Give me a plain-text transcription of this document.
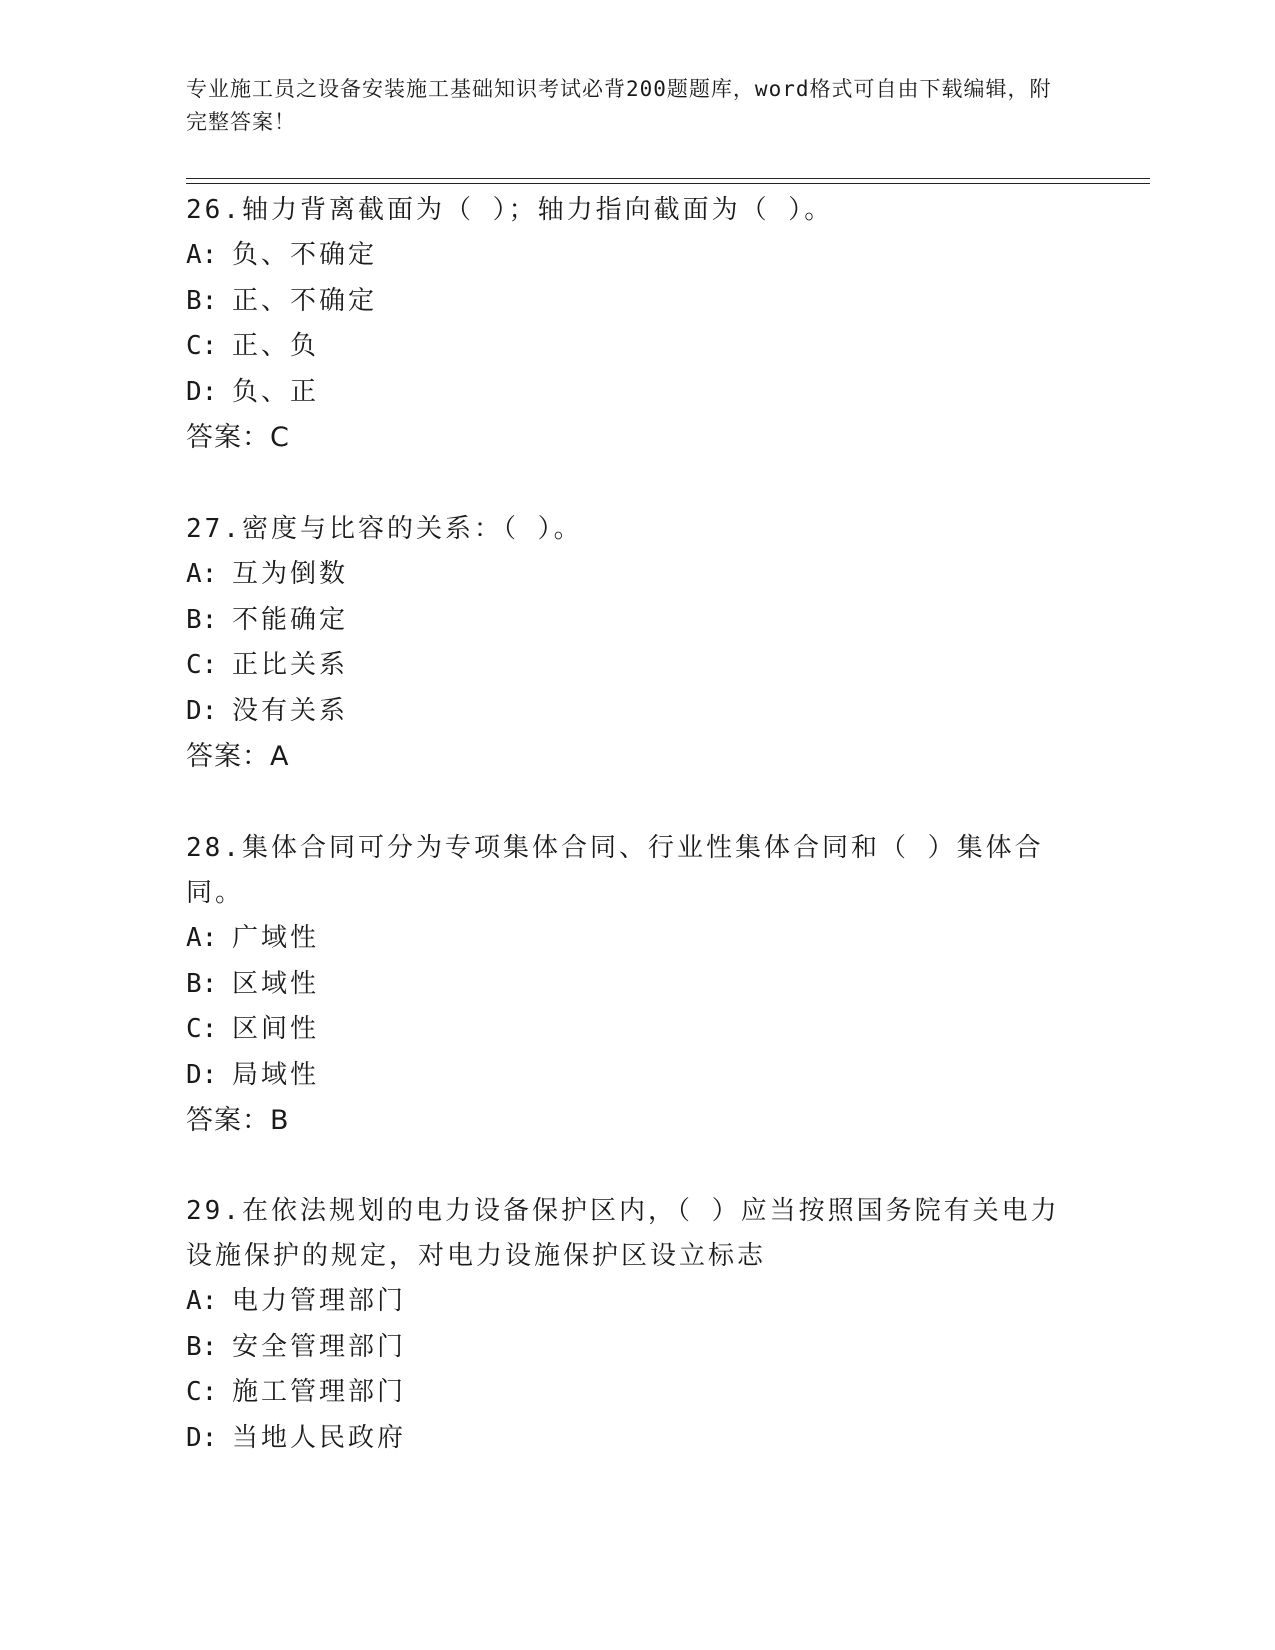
专业施工员之设备安装施工基础知识考试必背200题题库，word格式可自由下载编辑，附完整答案！
26.轴力背离截面为（ ）；轴力指向截面为（ ）。
A: 负、不确定
B: 正、不确定
C: 正、负
D: 负、正
答案：C
27.密度与比容的关系：（ ）。
A: 互为倒数
B: 不能确定
C: 正比关系
D: 没有关系
答案：A
28.集体合同可分为专项集体合同、行业性集体合同和（ ）集体合同。
A: 广域性
B: 区域性
C: 区间性
D: 局域性
答案：B
29.在依法规划的电力设备保护区内，（ ）应当按照国务院有关电力设施保护的规定，对电力设施保护区设立标志
A: 电力管理部门
B: 安全管理部门
C: 施工管理部门
D: 当地人民政府
